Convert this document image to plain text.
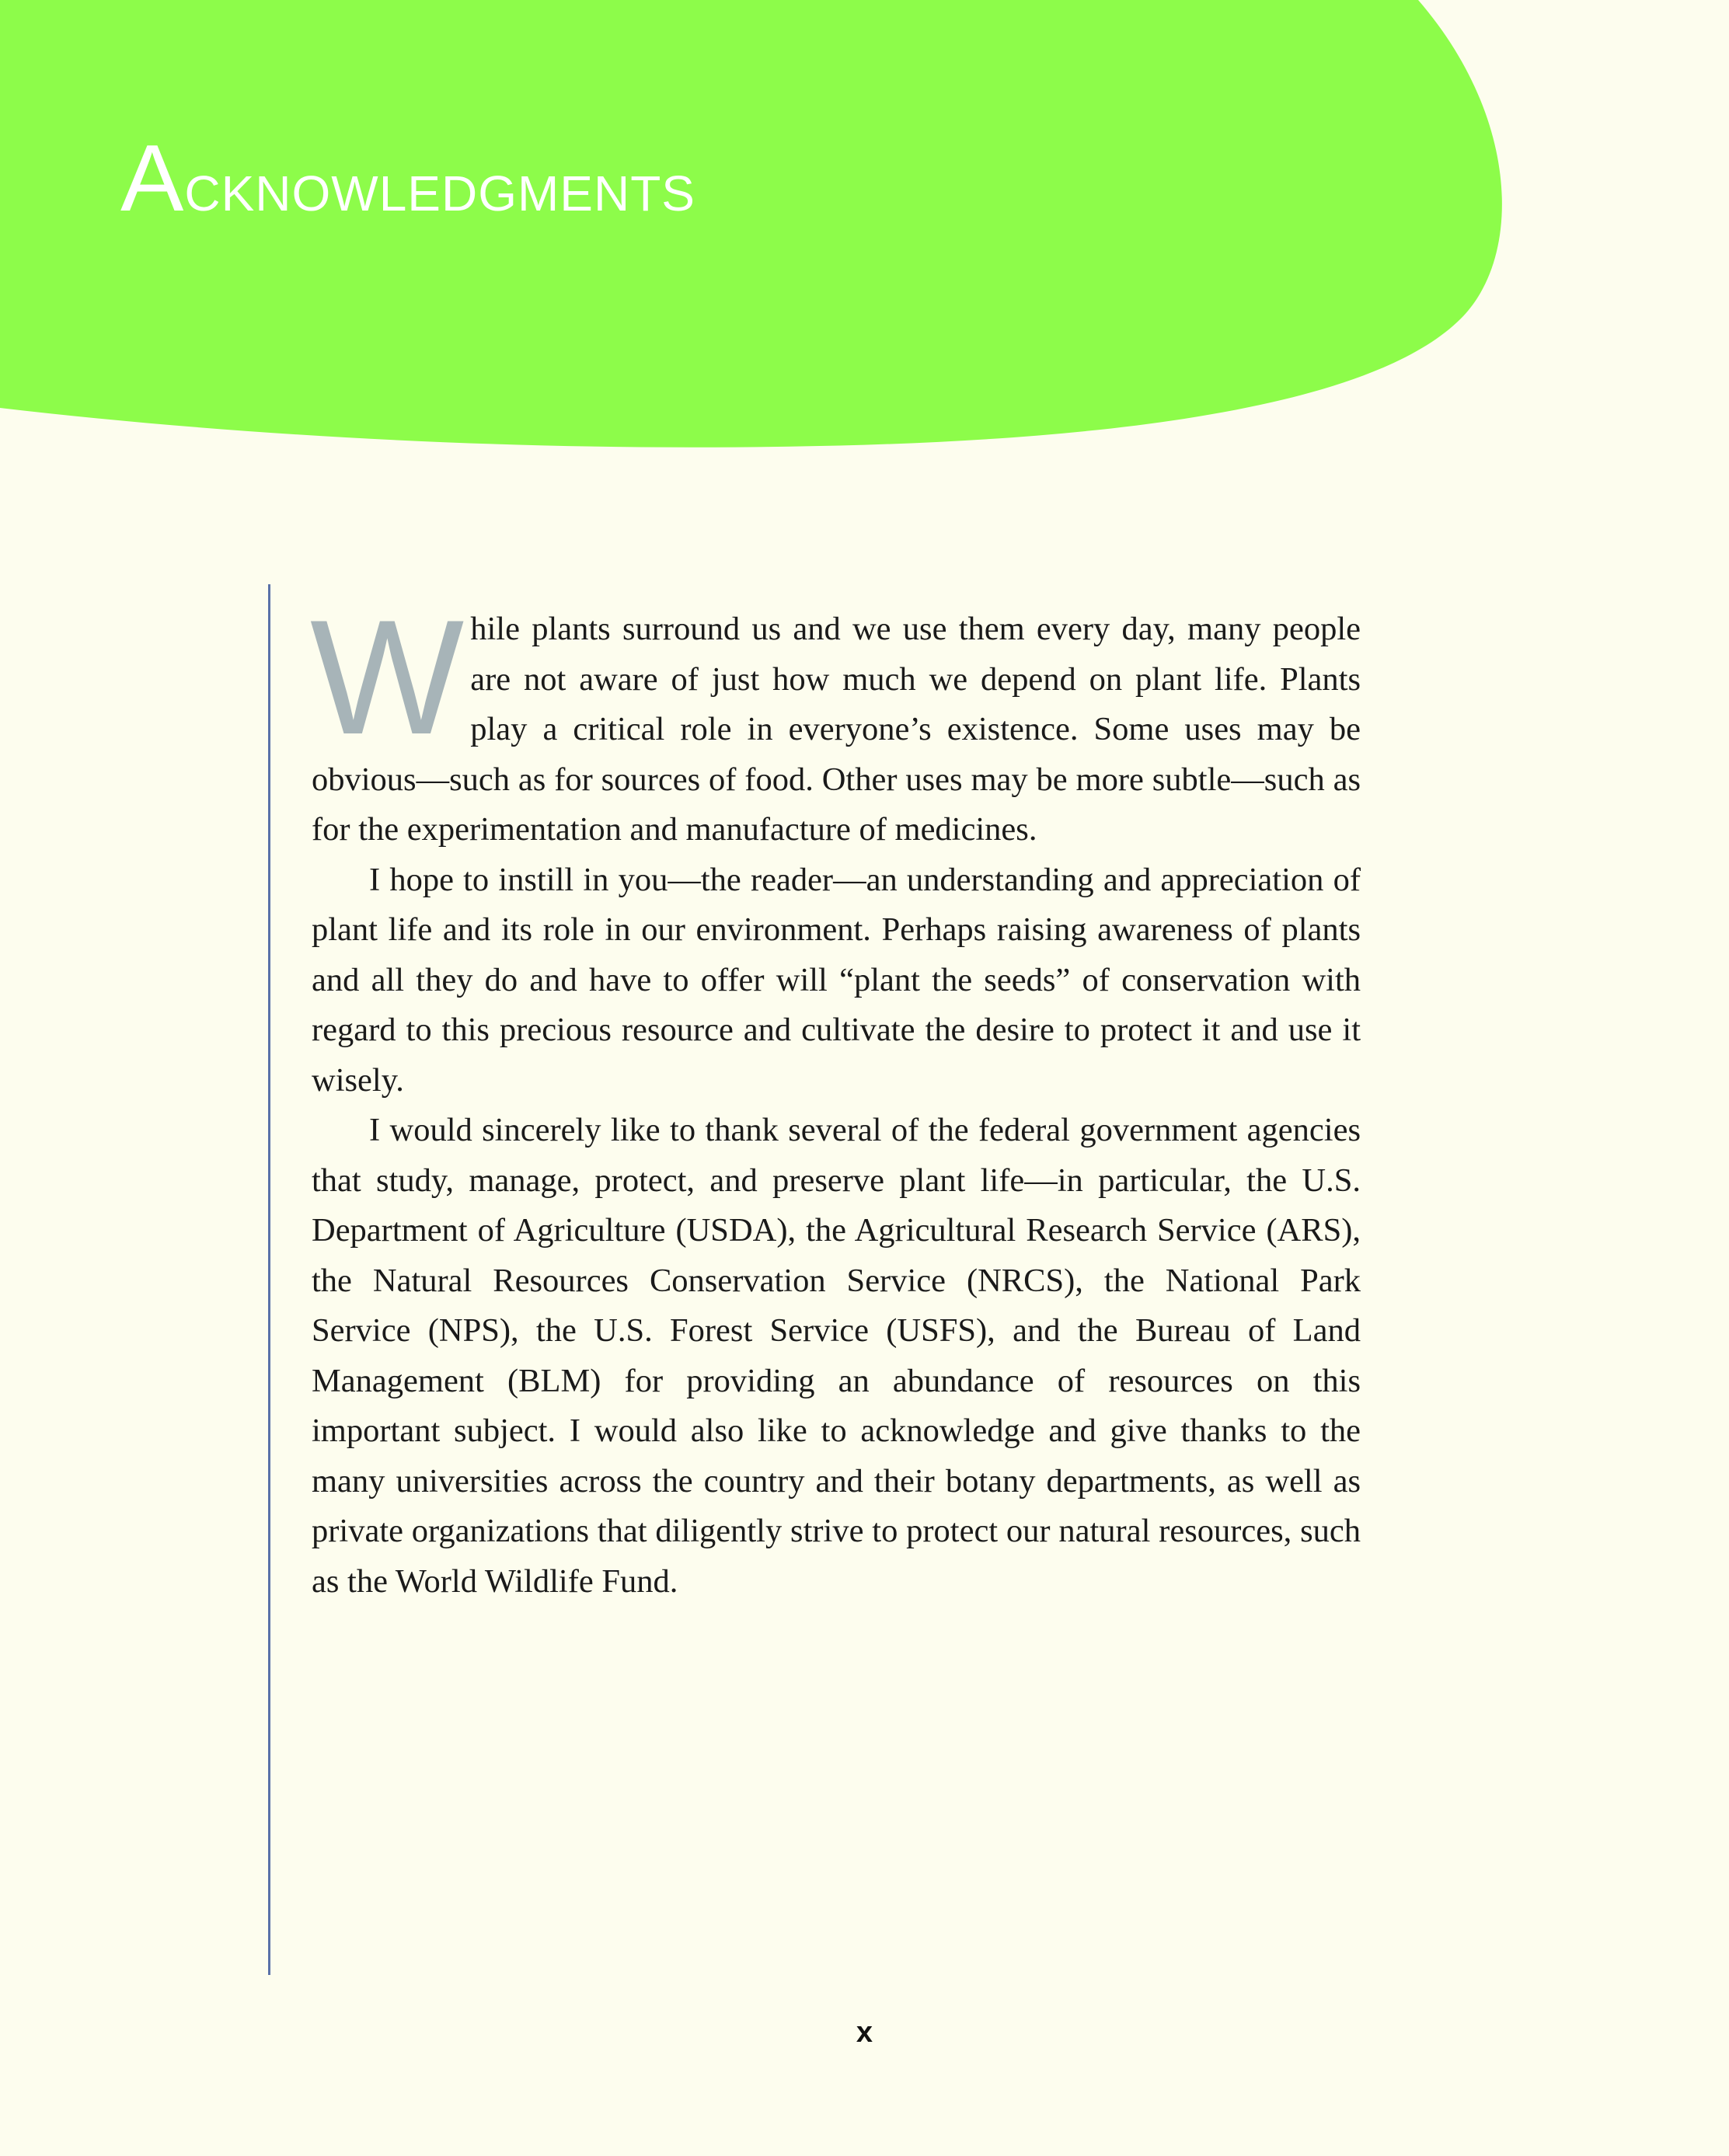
Acknowledgments

While plants surround us and we use them every day, many people are not aware of just how much we depend on plant life. Plants play a critical role in everyone’s existence. Some uses may be obvious—such as for sources of food. Other uses may be more subtle—such as for the experimentation and manufacture of medicines.

I hope to instill in you—the reader—an understanding and appreciation of plant life and its role in our environment. Perhaps raising awareness of plants and all they do and have to offer will “plant the seeds” of conservation with regard to this precious resource and cultivate the desire to protect it and use it wisely.

I would sincerely like to thank several of the federal government agencies that study, manage, protect, and preserve plant life—in particular, the U.S. Department of Agriculture (USDA), the Agricultural Research Service (ARS), the Natural Resources Conservation Service (NRCS), the National Park Service (NPS), the U.S. Forest Service (USFS), and the Bureau of Land Management (BLM) for providing an abundance of resources on this important subject. I would also like to acknowledge and give thanks to the many universities across the country and their botany departments, as well as private organizations that diligently strive to protect our natural resources, such as the World Wildlife Fund.

x
